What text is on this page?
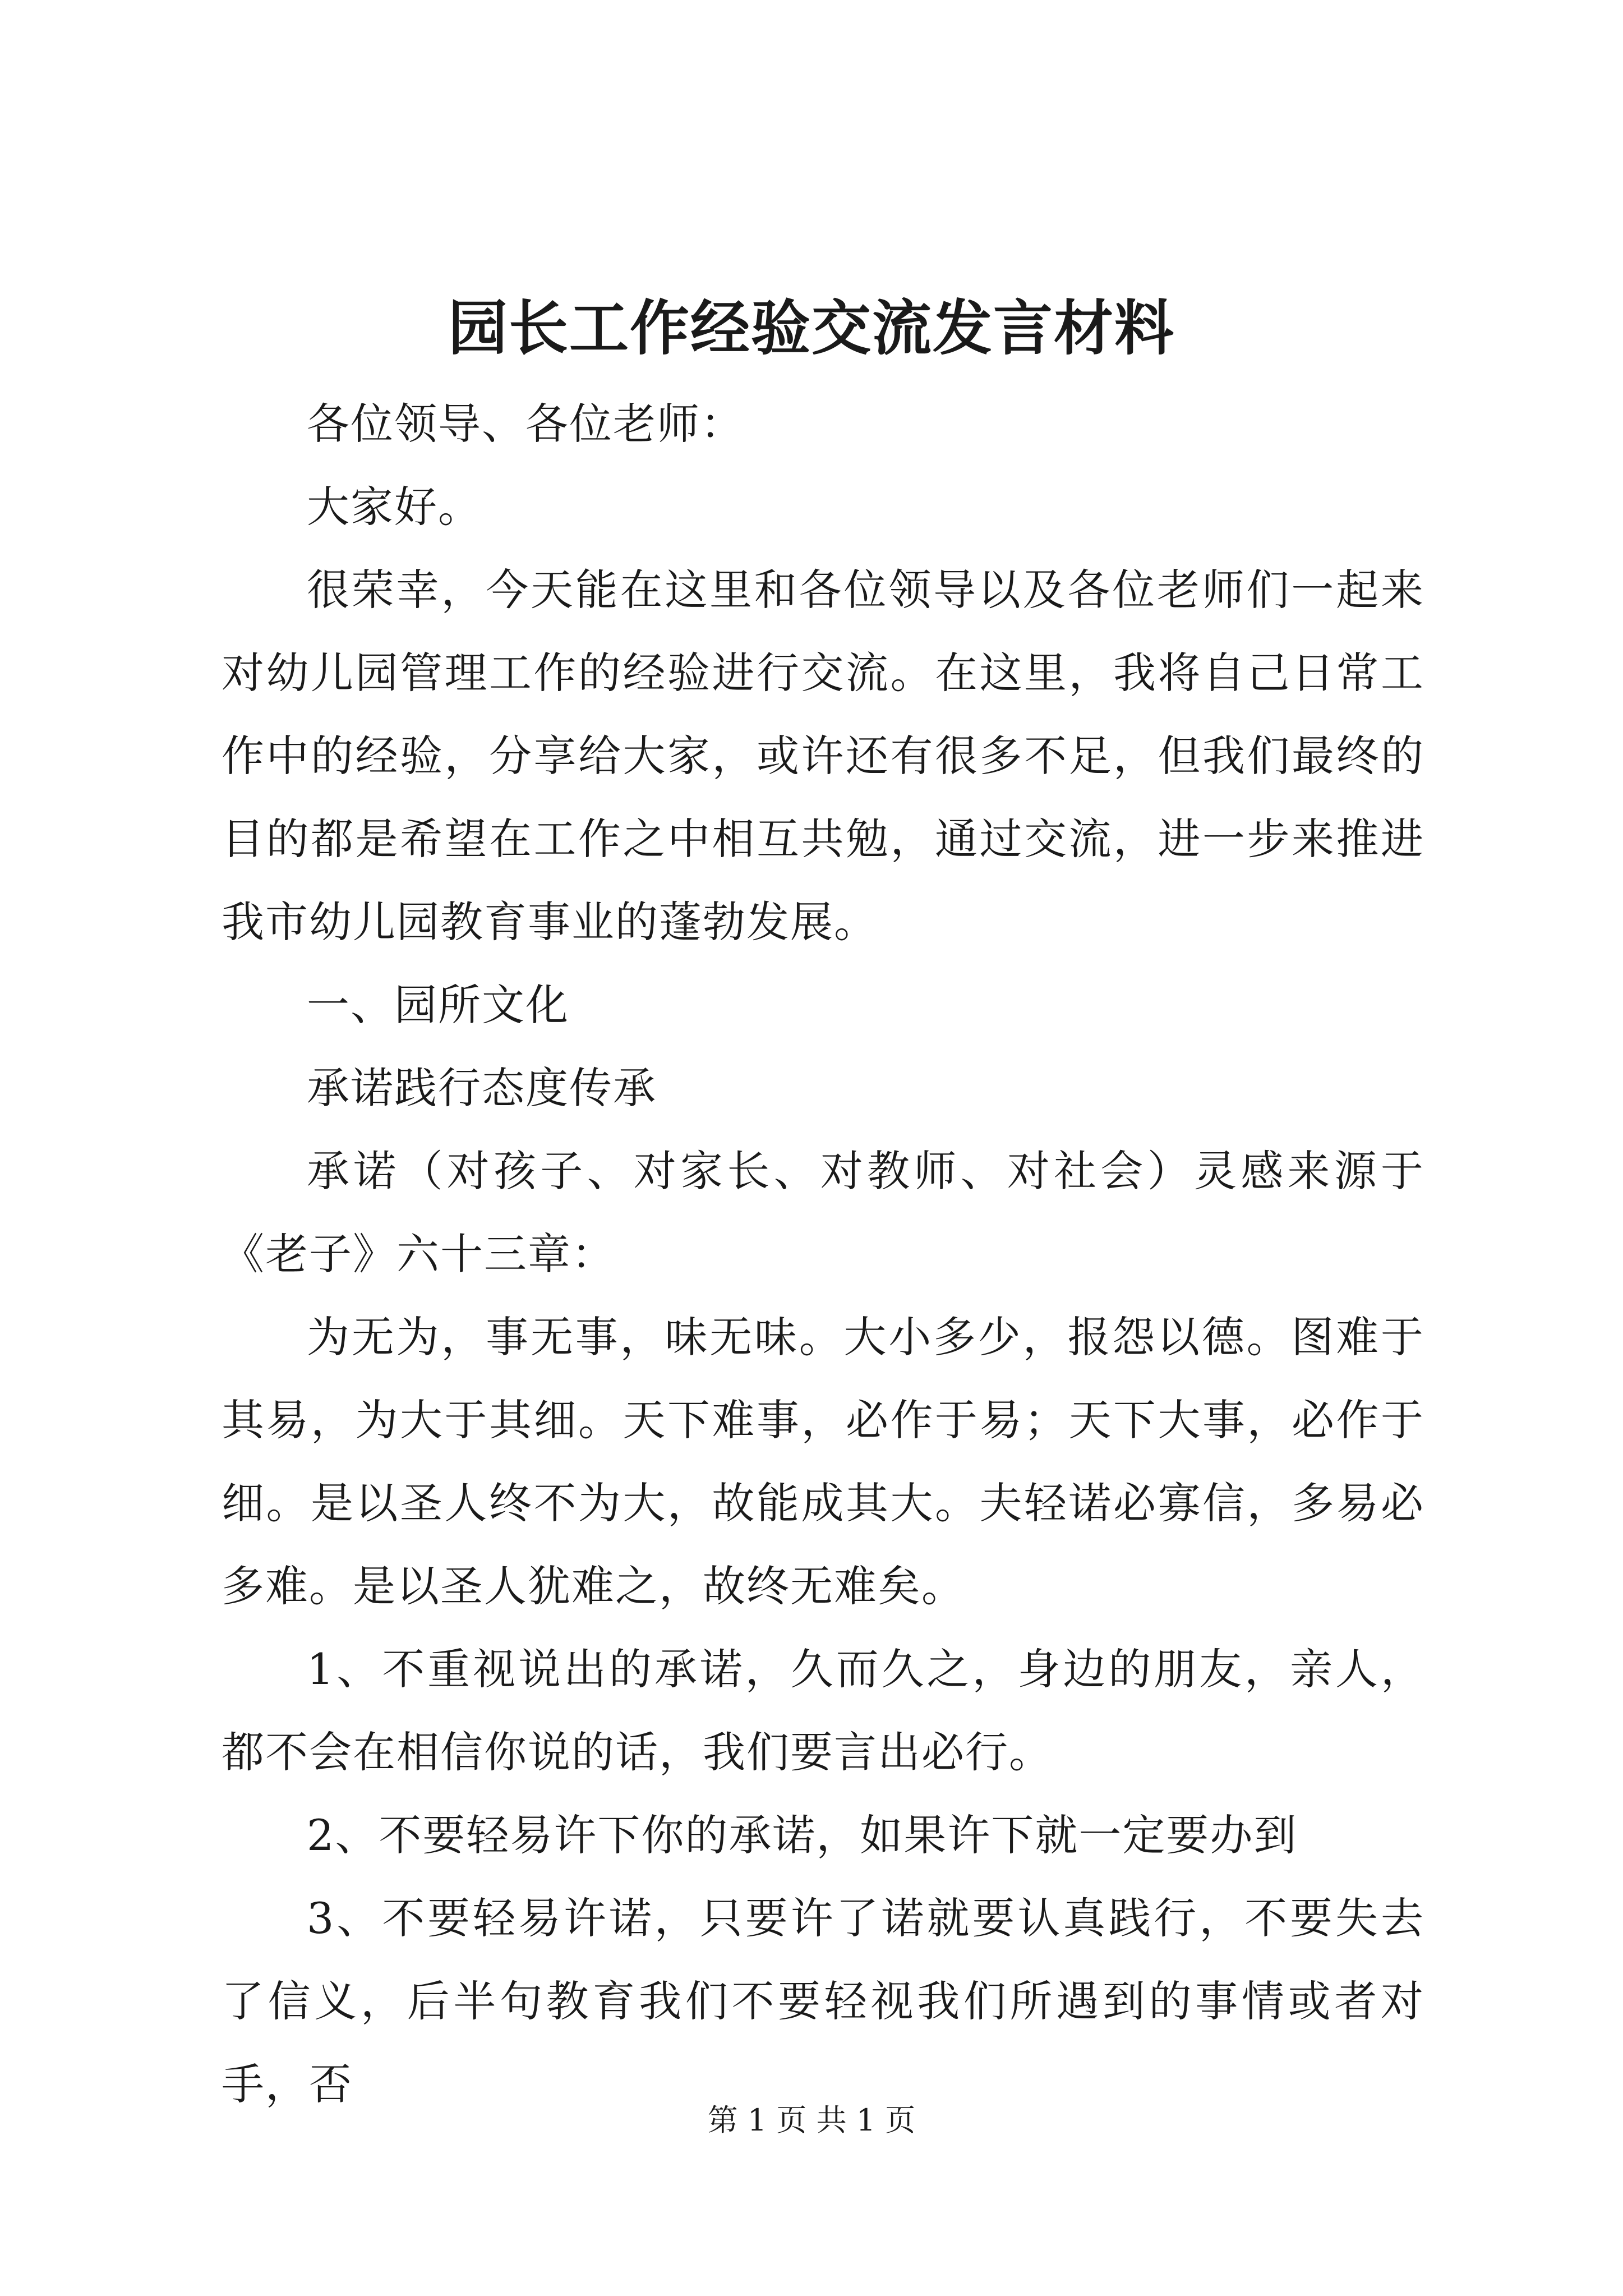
园长工作经验交流发言材料

各位领导、各位老师：

大家好。

很荣幸，今天能在这里和各位领导以及各位老师们一起来对幼儿园管理工作的经验进行交流。在这里，我将自己日常工作中的经验，分享给大家，或许还有很多不足，但我们最终的目的都是希望在工作之中相互共勉，通过交流，进一步来推进我市幼儿园教育事业的蓬勃发展。

一、园所文化

承诺践行态度传承

承诺（对孩子、对家长、对教师、对社会）灵感来源于《老子》六十三章：

为无为，事无事，味无味。大小多少，报怨以德。图难于其易，为大于其细。天下难事，必作于易；天下大事，必作于细。是以圣人终不为大，故能成其大。夫轻诺必寡信，多易必多难。是以圣人犹难之，故终无难矣。

1、不重视说出的承诺，久而久之，身边的朋友，亲人，都不会在相信你说的话，我们要言出必行。

2、不要轻易许下你的承诺，如果许下就一定要办到

3、不要轻易许诺，只要许了诺就要认真践行，不要失去了信义，后半句教育我们不要轻视我们所遇到的事情或者对手，否

第 1 页 共 1 页
